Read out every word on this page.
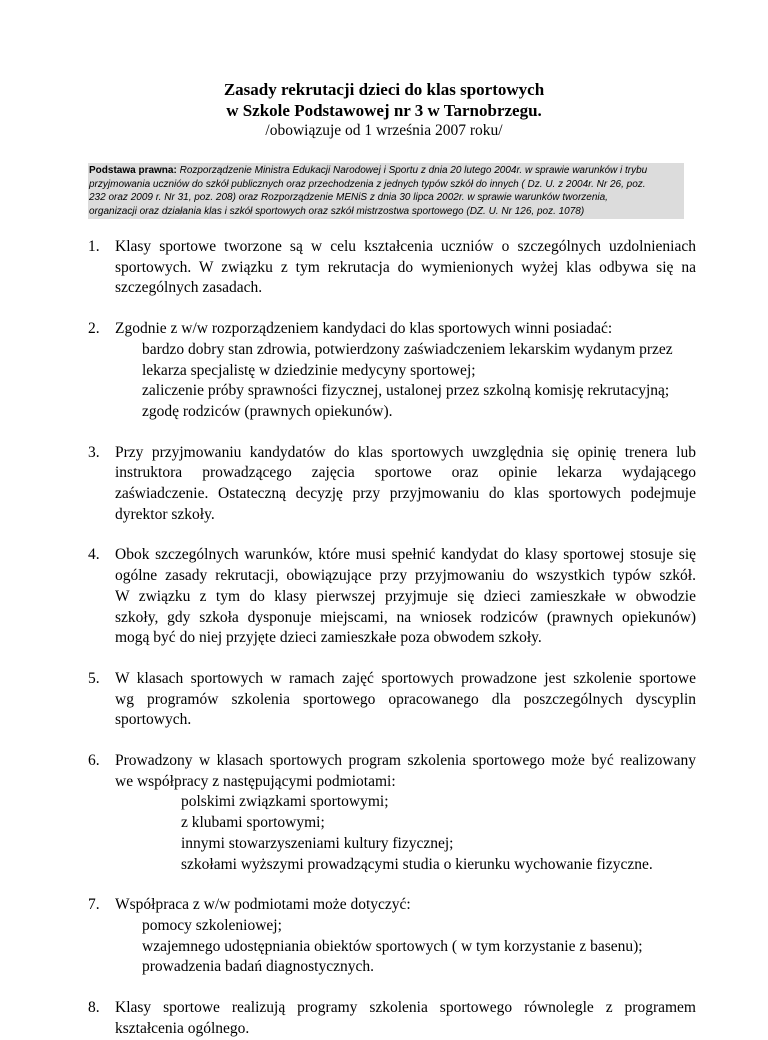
Zasady rekrutacji dzieci do klas sportowych
w Szkole Podstawowej nr 3 w Tarnobrzegu.
/obowiązuje od 1 września 2007 roku/
Podstawa prawna: Rozporządzenie Ministra Edukacji Narodowej i Sportu z dnia 20 lutego 2004r. w sprawie warunków i trybu
przyjmowania uczniów do szkół publicznych oraz przechodzenia z jednych typów szkół do innych ( Dz. U. z 2004r. Nr 26, poz.
232 oraz 2009 r. Nr 31, poz. 208) oraz Rozporządzenie MENiS z dnia 30 lipca 2002r. w sprawie warunków tworzenia,
organizacji oraz działania klas i szkół sportowych oraz szkół mistrzostwa sportowego (DZ. U. Nr 126, poz. 1078)
1. Klasy sportowe tworzone są w celu kształcenia uczniów o szczególnych uzdolnieniach
sportowych. W związku z tym rekrutacja do wymienionych wyżej klas odbywa się na
szczególnych zasadach.
2. Zgodnie z w/w rozporządzeniem kandydaci do klas sportowych winni posiadać:
bardzo dobry stan zdrowia, potwierdzony zaświadczeniem lekarskim wydanym przez
lekarza specjalistę w dziedzinie medycyny sportowej;
zaliczenie próby sprawności fizycznej, ustalonej przez szkolną komisję rekrutacyjną;
zgodę rodziców (prawnych opiekunów).
3. Przy przyjmowaniu kandydatów do klas sportowych uwzględnia się opinię trenera lub
instruktora prowadzącego zajęcia sportowe oraz opinie lekarza wydającego
zaświadczenie. Ostateczną decyzję przy przyjmowaniu do klas sportowych podejmuje
dyrektor szkoły.
4. Obok szczególnych warunków, które musi spełnić kandydat do klasy sportowej stosuje się
ogólne zasady rekrutacji, obowiązujące przy przyjmowaniu do wszystkich typów szkół.
W związku z tym do klasy pierwszej przyjmuje się dzieci zamieszkałe w obwodzie
szkoły, gdy szkoła dysponuje miejscami, na wniosek rodziców (prawnych opiekunów)
mogą być do niej przyjęte dzieci zamieszkałe poza obwodem szkoły.
5. W klasach sportowych w ramach zajęć sportowych prowadzone jest szkolenie sportowe
wg programów szkolenia sportowego opracowanego dla poszczególnych dyscyplin
sportowych.
6. Prowadzony w klasach sportowych program szkolenia sportowego może być realizowany
we współpracy z następującymi podmiotami:
polskimi związkami sportowymi;
z klubami sportowymi;
innymi stowarzyszeniami kultury fizycznej;
szkołami wyższymi prowadzącymi studia o kierunku wychowanie fizyczne.
7. Współpraca z w/w podmiotami może dotyczyć:
pomocy szkoleniowej;
wzajemnego udostępniania obiektów sportowych ( w tym korzystanie z basenu);
prowadzenia badań diagnostycznych.
8. Klasy sportowe realizują programy szkolenia sportowego równolegle z programem
kształcenia ogólnego.
